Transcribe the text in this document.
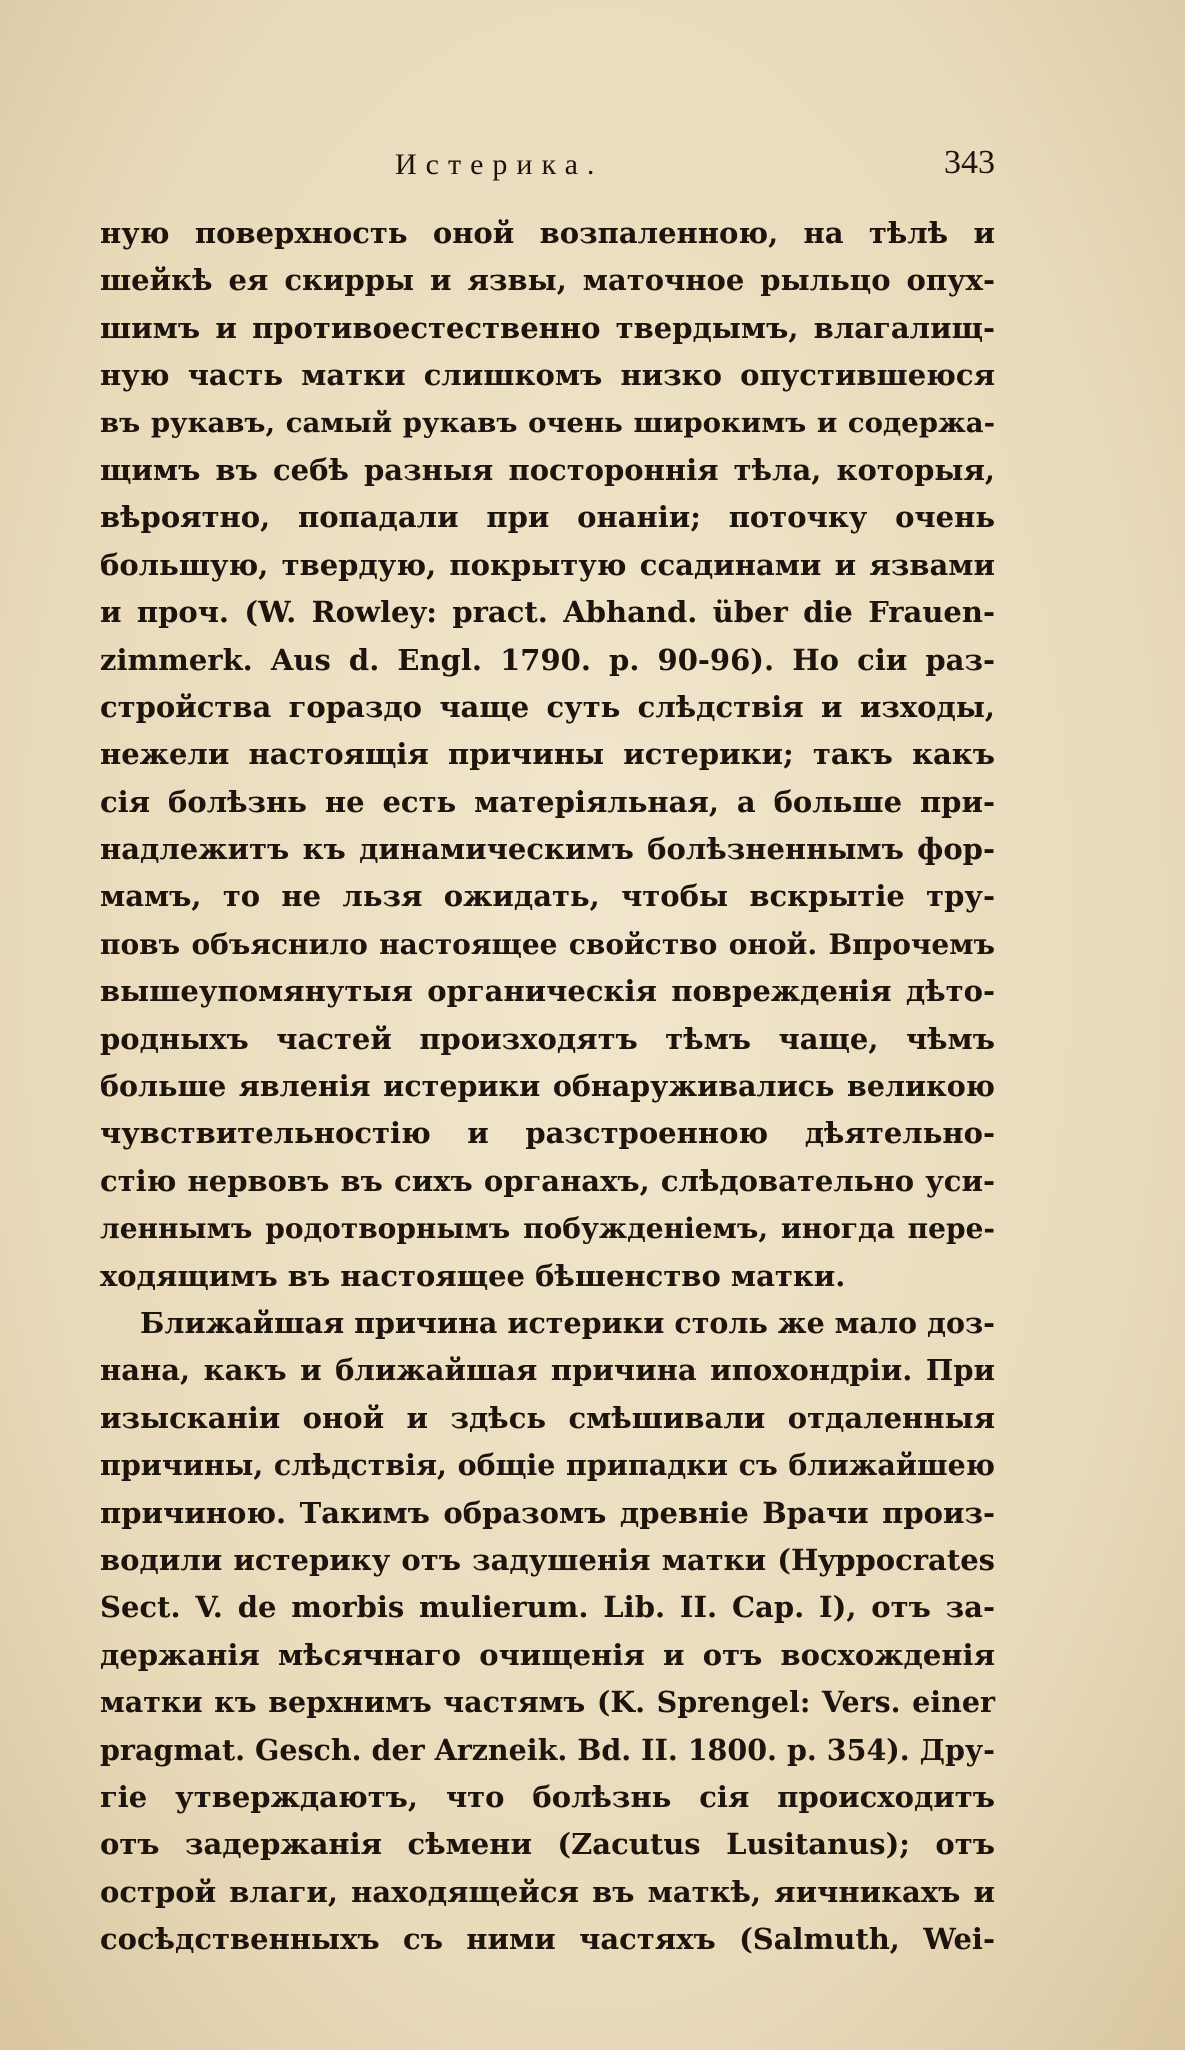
Истерика.	343
ную поверхность оной возпаленною, на тѣлѣ и
шейкѣ ея скирры и язвы, маточное рыльцо опух-
шимъ и противоестественно твердымъ, влагалищ-
ную часть матки слишкомъ низко опустившеюся
въ рукавъ, самый рукавъ очень широкимъ и содержа-
щимъ въ себѣ разныя постороннія тѣла, которыя,
вѣроятно, попадали при онаніи; поточку очень
большую, твердую, покрытую ссадинами и язвами
и проч. (W. Rowley: pract. Abhand. über die Frauen-
zimmerk. Aus d. Engl. 1790. p. 90-96). Но сіи раз-
стройства гораздо чаще суть слѣдствія и изходы,
нежели настоящія причины истерики; такъ какъ
сія болѣзнь не есть матеріяльная, а больше при-
надлежитъ къ динамическимъ болѣзненнымъ фор-
мамъ, то не льзя ожидать, чтобы вскрытіе тру-
повъ объяснило настоящее свойство оной. Впрочемъ
вышеупомянутыя органическія поврежденія дѣто-
родныхъ частей произходятъ тѣмъ чаще, чѣмъ
больше явленія истерики обнаруживались великою
чувствительностію и разстроенною дѣятельно-
стію нервовъ въ сихъ органахъ, слѣдовательно уси-
леннымъ родотворнымъ побужденіемъ, иногда пере-
ходящимъ въ настоящее бѣшенство матки.
Ближайшая причина истерики столь же мало доз-
нана, какъ и ближайшая причина ипохондріи. При
изысканіи оной и здѣсь смѣшивали отдаленныя
причины, слѣдствія, общіе припадки съ ближайшею
причиною. Такимъ образомъ древніе Врачи произ-
водили истерику отъ задушенія матки (Hyppocrates
Sect. V. de morbis mulierum. Lib. II. Cap. I), отъ за-
держанія мѣсячнаго очищенія и отъ восхожденія
матки къ верхнимъ частямъ (K. Sprengel: Vers. einer
pragmat. Gesch. der Arzneik. Bd. II. 1800. p. 354). Дру-
гіе утверждаютъ, что болѣзнь сія происходитъ
отъ задержанія сѣмени (Zacutus Lusitanus); отъ
острой влаги, находящейся въ маткѣ, яичникахъ и
сосѣдственныхъ съ ними частяхъ (Salmuth, Wei-
